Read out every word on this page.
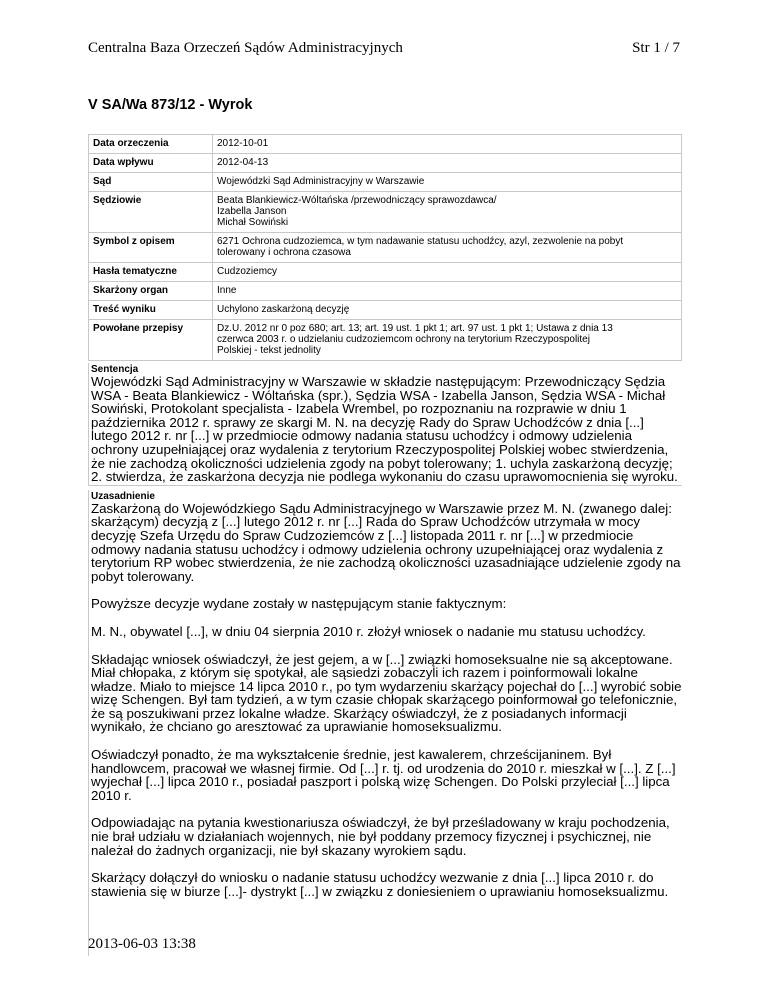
Centralna Baza Orzeczeń Sądów Administracyjnych	Str 1 / 7
V SA/Wa 873/12 - Wyrok
Data orzeczenia	2012-10-01

Data wpływu	2012-04-13

Sąd	Wojewódzki Sąd Administracyjny w Warszawie

Sędziowie	Beata Blankiewicz-Wóltańska /przewodniczący sprawozdawca/
Izabella Janson
Michał Sowiński

Symbol z opisem	6271 Ochrona cudzoziemca, w tym nadawanie statusu uchodźcy, azyl, zezwolenie na pobyt
tolerowany i ochrona czasowa

Hasła tematyczne	Cudzoziemcy

Skarżony organ	Inne

Treść wyniku	Uchylono zaskarżoną decyzję

Powołane przepisy	Dz.U. 2012 nr 0 poz 680; art. 13; art. 19 ust. 1 pkt 1; art. 97 ust. 1 pkt 1; Ustawa z dnia 13
czerwca 2003 r. o udzielaniu cudzoziemcom ochrony na terytorium Rzeczypospolitej
Polskiej - tekst jednolity
Sentencja

Wojewódzki Sąd Administracyjny w Warszawie w składzie następującym: Przewodniczący Sędzia WSA - Beata Blankiewicz - Wóltańska (spr.), Sędzia WSA - Izabella Janson, Sędzia WSA - Michał Sowiński, Protokolant specjalista - Izabela Wrembel, po rozpoznaniu na rozprawie w dniu 1 października 2012 r. sprawy ze skargi M. N. na decyzję Rady do Spraw Uchodźców z dnia [...] lutego 2012 r. nr [...] w przedmiocie odmowy nadania statusu uchodźcy i odmowy udzielenia ochrony uzupełniającej oraz wydalenia z terytorium Rzeczypospolitej Polskiej wobec stwierdzenia, że nie zachodzą okoliczności udzielenia zgody na pobyt tolerowany; 1. uchyla zaskarżoną decyzję; 2. stwierdza, że zaskarżona decyzja nie podlega wykonaniu do czasu uprawomocnienia się wyroku.

Uzasadnienie

Zaskarżoną do Wojewódzkiego Sądu Administracyjnego w Warszawie przez M. N. (zwanego dalej: skarżącym) decyzją z [...] lutego 2012 r. nr [...] Rada do Spraw Uchodźców utrzymała w mocy decyzję Szefa Urzędu do Spraw Cudzoziemców z [...] listopada 2011 r. nr [...] w przedmiocie odmowy nadania statusu uchodźcy i odmowy udzielenia ochrony uzupełniającej oraz wydalenia z terytorium RP wobec stwierdzenia, że nie zachodzą okoliczności uzasadniające udzielenie zgody na pobyt tolerowany.

Powyższe decyzje wydane zostały w następującym stanie faktycznym:

M. N., obywatel [...], w dniu 04 sierpnia 2010 r. złożył wniosek o nadanie mu statusu uchodźcy.

Składając wniosek oświadczył, że jest gejem, a w [...] związki homoseksualne nie są akceptowane. Miał chłopaka, z którym się spotykał, ale sąsiedzi zobaczyli ich razem i poinformowali lokalne władze. Miało to miejsce 14 lipca 2010 r., po tym wydarzeniu skarżący pojechał do [...] wyrobić sobie wizę Schengen. Był tam tydzień, a w tym czasie chłopak skarżącego poinformował go telefonicznie, że są poszukiwani przez lokalne władze. Skarżący oświadczył, że z posiadanych informacji wynikało, że chciano go aresztować za uprawianie homoseksualizmu.

Oświadczył ponadto, że ma wykształcenie średnie, jest kawalerem, chrześcijaninem. Był handlowcem, pracował we własnej firmie. Od [...] r. tj. od urodzenia do 2010 r. mieszkał w [...]. Z [...] wyjechał [...] lipca 2010 r., posiadał paszport i polską wizę Schengen. Do Polski przyleciał [...] lipca 2010 r.

Odpowiadając na pytania kwestionariusza oświadczył, że był prześladowany w kraju pochodzenia, nie brał udziału w działaniach wojennych, nie był poddany przemocy fizycznej i psychicznej, nie należał do żadnych organizacji, nie był skazany wyrokiem sądu.

Skarżący dołączył do wniosku o nadanie statusu uchodźcy wezwanie z dnia [...] lipca 2010 r. do stawienia się w biurze [...]- dystrykt [...] w związku z doniesieniem o uprawianiu homoseksualizmu.

2013-06-03 13:38
